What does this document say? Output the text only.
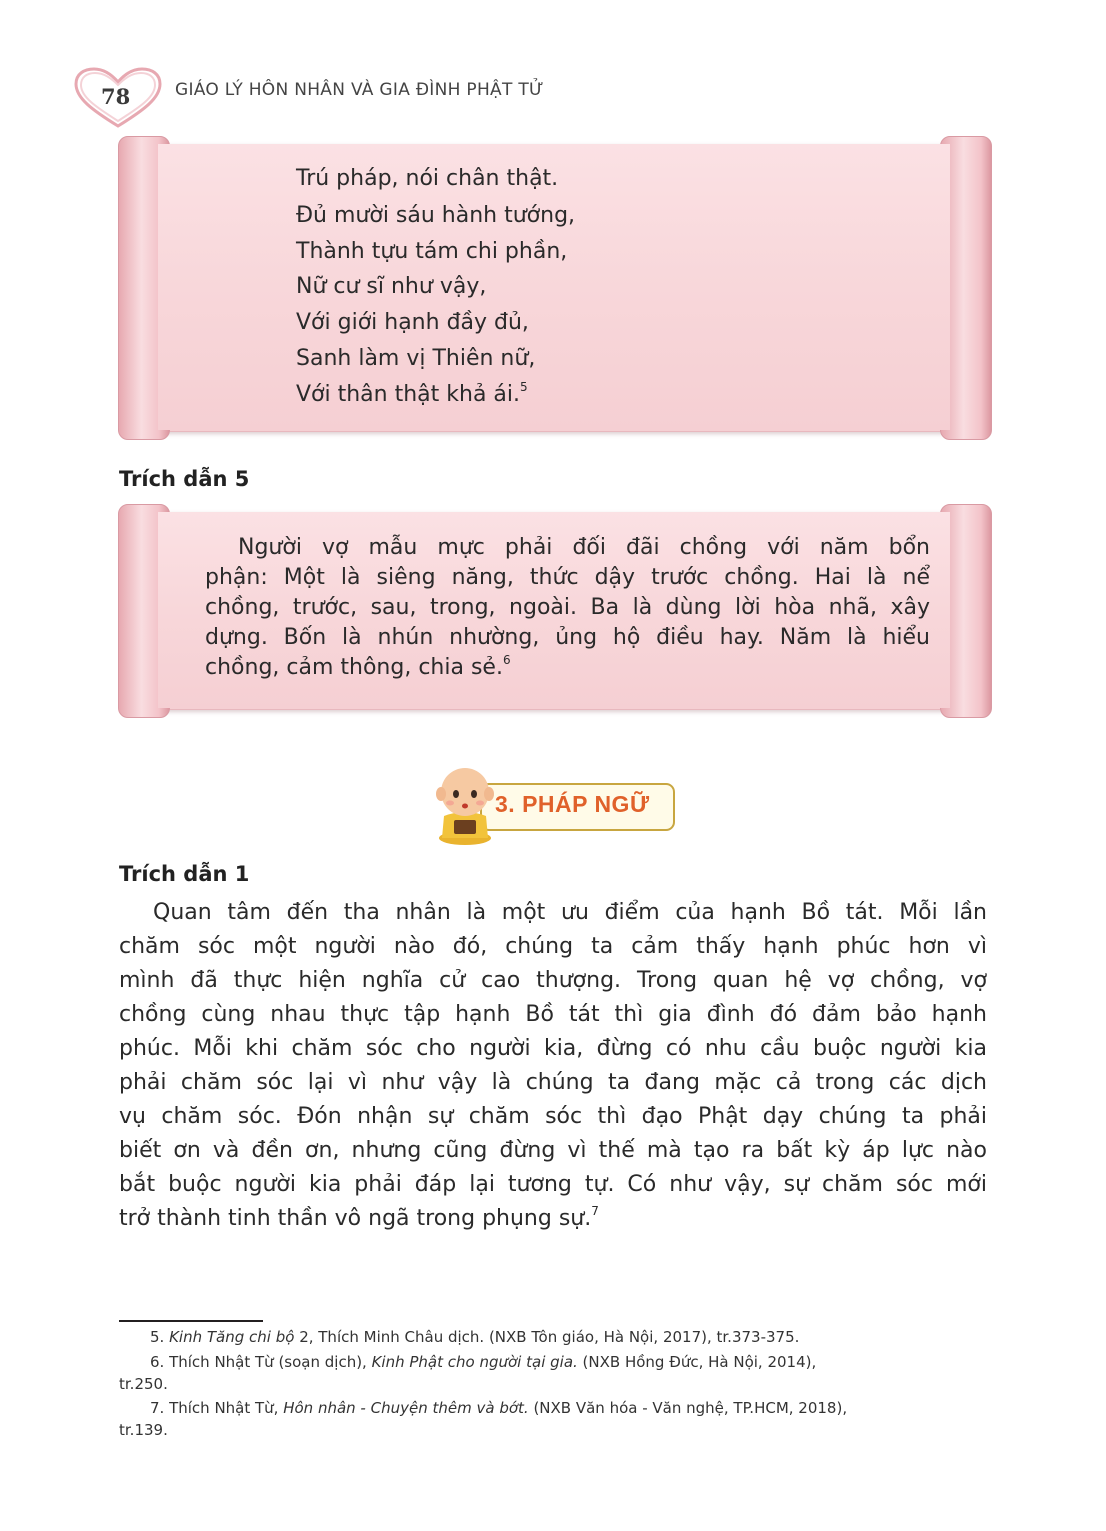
78	GIÁO LÝ HÔN NHÂN VÀ GIA ĐÌNH PHẬT TỬ
Trú pháp, nói chân thật.
Đủ mười sáu hành tướng,
Thành tựu tám chi phần,
Nữ cư sĩ như vậy,
Với giới hạnh đầy đủ,
Sanh làm vị Thiên nữ,
Với thân thật khả ái.$^5$
Trích dẫn 5
Người vợ mẫu mực phải đối đãi chồng với năm bổn
phận: Một là siêng năng, thức dậy trước chồng. Hai là nể
chồng, trước, sau, trong, ngoài. Ba là dùng lời hòa nhã, xây
dựng. Bốn là nhún nhường, ủng hộ điều hay. Năm là hiểu
chồng, cảm thông, chia sẻ.$^6$
3. PHÁP NGỮ
Trích dẫn 1
Quan tâm đến tha nhân là một ưu điểm của hạnh Bồ tát. Mỗi lần
chăm sóc một người nào đó, chúng ta cảm thấy hạnh phúc hơn vì
mình đã thực hiện nghĩa cử cao thượng. Trong quan hệ vợ chồng, vợ
chồng cùng nhau thực tập hạnh Bồ tát thì gia đình đó đảm bảo hạnh
phúc. Mỗi khi chăm sóc cho người kia, đừng có nhu cầu buộc người kia
phải chăm sóc lại vì như vậy là chúng ta đang mặc cả trong các dịch
vụ chăm sóc. Đón nhận sự chăm sóc thì đạo Phật dạy chúng ta phải
biết ơn và đền ơn, nhưng cũng đừng vì thế mà tạo ra bất kỳ áp lực nào
bắt buộc người kia phải đáp lại tương tự. Có như vậy, sự chăm sóc mới
trở thành tinh thần vô ngã trong phụng sự.$^7$
5. Kinh Tăng chi bộ 2, Thích Minh Châu dịch. (NXB Tôn giáo, Hà Nội, 2017), tr.373-375.
6. Thích Nhật Từ (soạn dịch), Kinh Phật cho người tại gia. (NXB Hồng Đức, Hà Nội, 2014),
tr.250.
7. Thích Nhật Từ, Hôn nhân - Chuyện thêm và bớt. (NXB Văn hóa - Văn nghệ, TP.HCM, 2018),
tr.139.
